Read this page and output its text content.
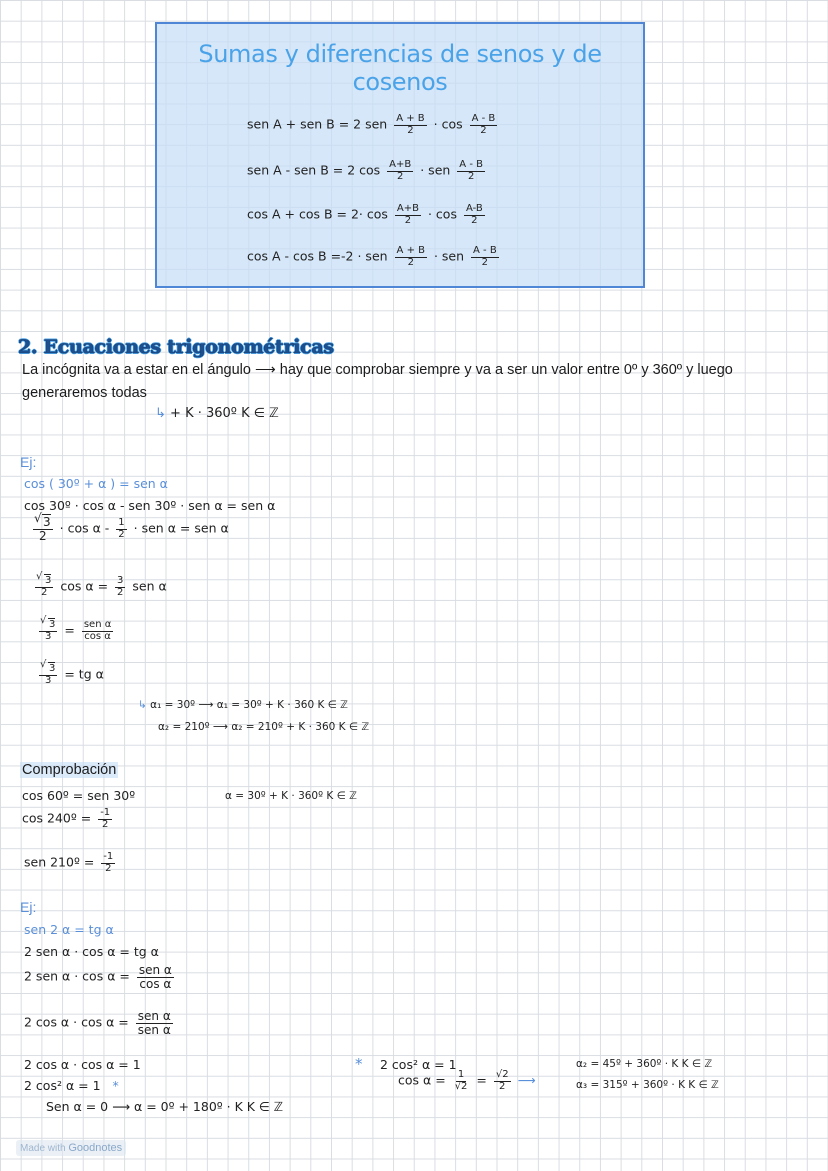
Sumas y diferencias de senos y de cosenos
sen A + sen B = 2 sen $\frac{A + B}{2} \cdot \cos \frac{A - B}{2}$
sen A - sen B = 2 $\cos \frac{A+B}{2}$ · sen $\frac{A - B}{2}$
$\cos A + \cos B = 2\cdot \cos \frac{A+B}{2} \cdot \cos \frac{A-B}{2}$
cos A - cos B =-2 · sen $\frac{A + B}{2}$ · sen $\frac{A - B}{2}$
2. Ecuaciones trigonométricas
La incógnita va a estar en el ángulo ⟶ hay que comprobar siempre y va a ser un valor entre 0º y 360º y luego
generaremos todas
↳ + K · 360º K ∈ ℤ
Ej:
cos ( 30º + α ) = sen α
cos 30º · cos α - sen 30º · sen α = sen α
√ $\frac{3}{2} \cdot \cos \alpha - \frac{1}{2}$ · sen α = sen α
√ $\frac{3}{2}$ $\cos \alpha = \frac{3}{2}$ sen α
√ $\frac{3}{3} = \frac{\text{sen α}}{\text{cos α}}$
√ $\frac{3}{3}$ = tg α
↳ α₁ = 30º ⟶ α₁ = 30º + K · 360 K ∈ ℤ
α₂ = 210º ⟶ α₂ = 210º + K · 360 K ∈ ℤ
Comprobación
cos 60º = sen 30º	α = 30º + K · 360º K ∈ ℤ
cos 240º = $\frac{-1}{2}$
sen 210º = $\frac{-1}{2}$
Ej:
sen 2 α = tg α
2 sen α · cos α = tg α
2 sen $\alpha \cdot \cos \alpha = \frac{\text{sen α}}{\text{cos α}}$
2 $\cos \alpha \cdot \cos \alpha = \frac{\text{sen α}}{\text{sen α}}$
2 cos α · cos α = 1
2 cos² α = 1 *
Sen α = 0 ⟶ α = 0º + 180º · K K ∈ ℤ
* 2 cos² α = 1
$\cos \alpha = \frac{1}{√2} = \frac{√2}{2}$ ⟶
α₂ = 45º + 360º · K K ∈ ℤ
α₃ = 315º + 360º · K K ∈ ℤ
Made with Goodnotes
